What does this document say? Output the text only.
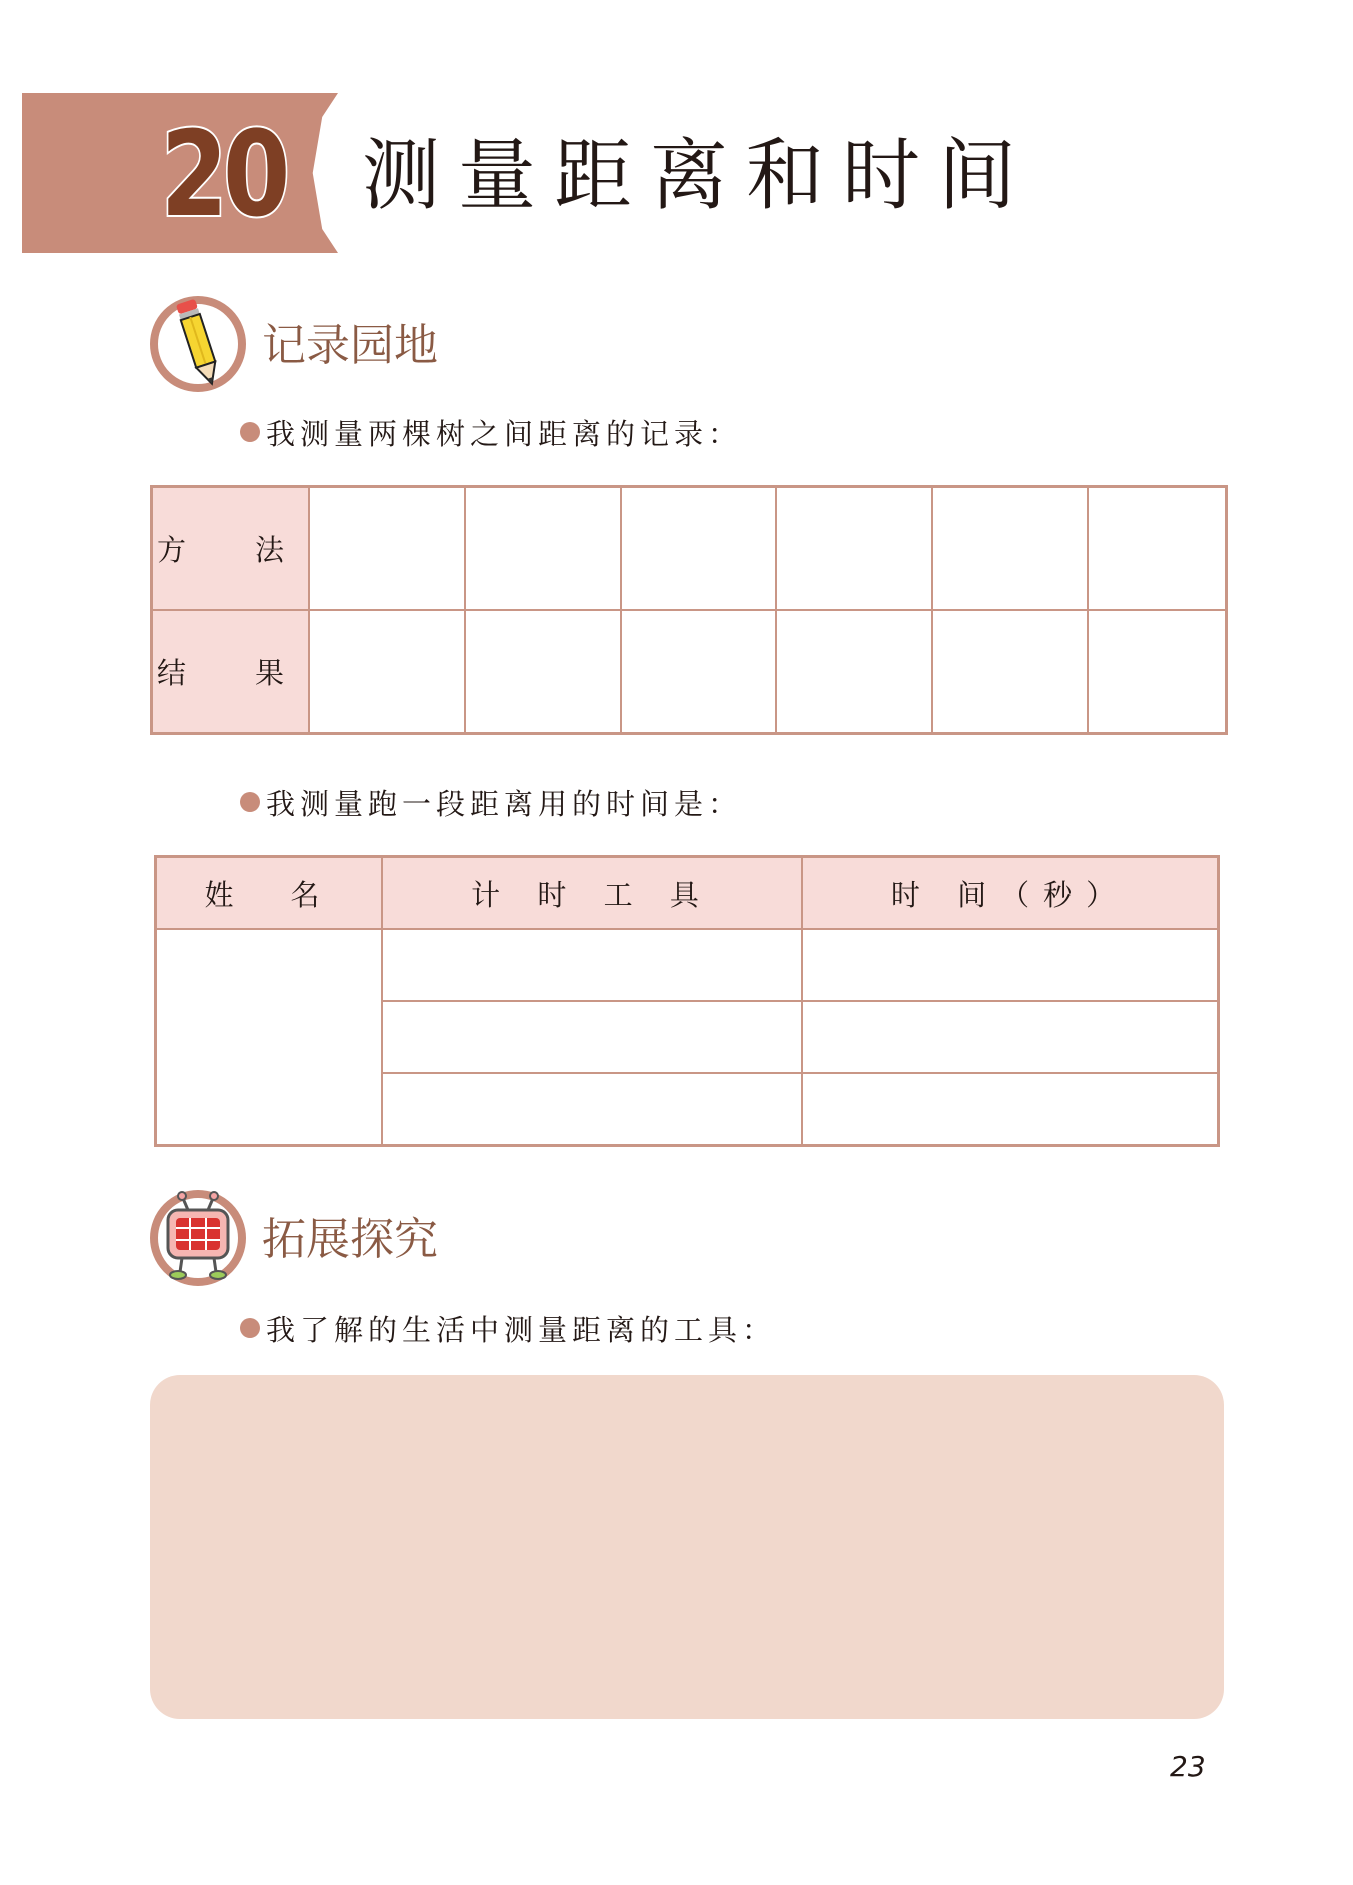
20 测量距离和时间
记录园地
我测量两棵树之间距离的记录：
方　法						
结　果						
我测量跑一段距离用的时间是：
姓　名	计 时 工 具	时 间（秒）

拓展探究
我了解的生活中测量距离的工具：
23
